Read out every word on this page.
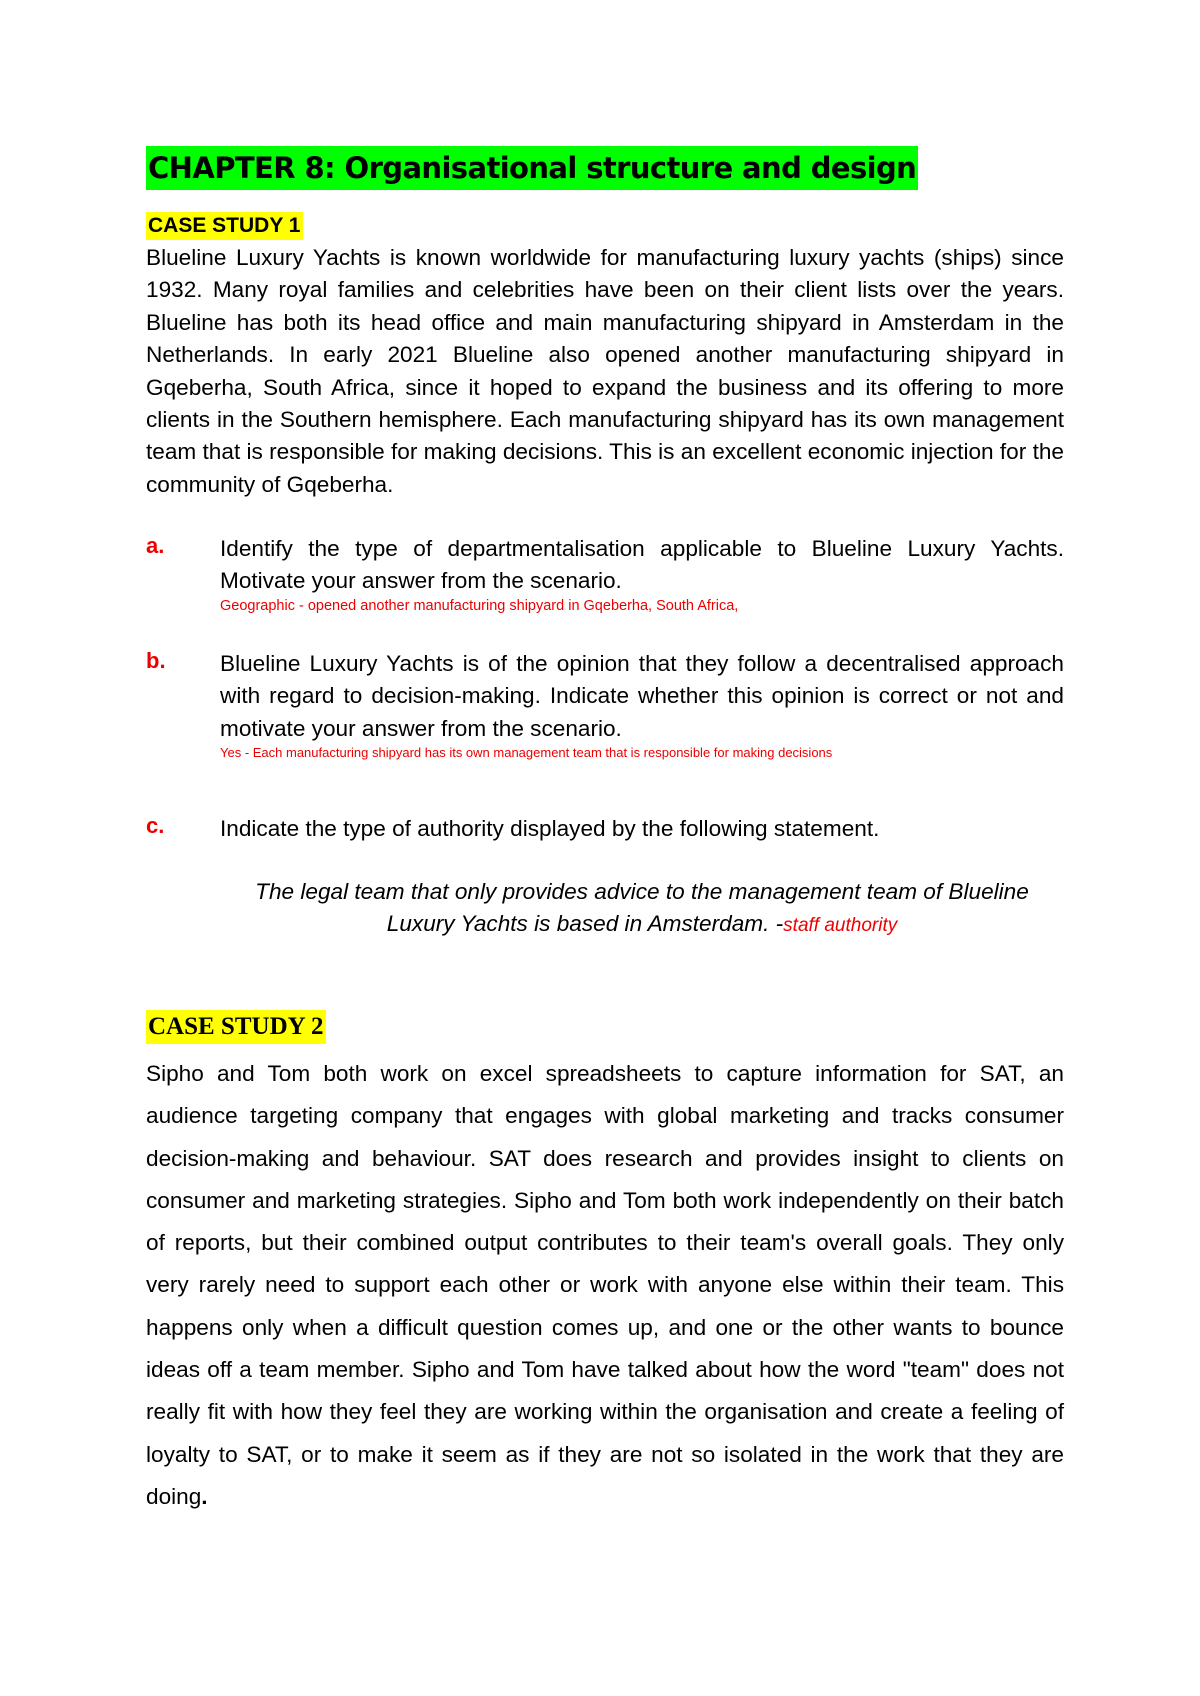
CHAPTER 8: Organisational structure and design
CASE STUDY 1

Blueline Luxury Yachts is known worldwide for manufacturing luxury yachts (ships) since 1932. Many royal families and celebrities have been on their client lists over the years. Blueline has both its head office and main manufacturing shipyard in Amsterdam in the Netherlands. In early 2021 Blueline also opened another manufacturing shipyard in Gqeberha, South Africa, since it hoped to expand the business and its offering to more clients in the Southern hemisphere. Each manufacturing shipyard has its own management team that is responsible for making decisions. This is an excellent economic injection for the community of Gqeberha.

a. Identify the type of departmentalisation applicable to Blueline Luxury Yachts. Motivate your answer from the scenario.

Geographic - opened another manufacturing shipyard in Gqeberha, South Africa,
b. Blueline Luxury Yachts is of the opinion that they follow a decentralised approach with regard to decision-making. Indicate whether this opinion is correct or not and motivate your answer from the scenario.

Yes - Each manufacturing shipyard has its own management team that is responsible for making decisions
c. Indicate the type of authority displayed by the following statement.

The legal team that only provides advice to the management team of Blueline Luxury Yachts is based in Amsterdam. -staff authority

CASE STUDY 2

Sipho and Tom both work on excel spreadsheets to capture information for SAT, an audience targeting company that engages with global marketing and tracks consumer decision-making and behaviour. SAT does research and provides insight to clients on consumer and marketing strategies. Sipho and Tom both work independently on their batch of reports, but their combined output contributes to their team's overall goals. They only very rarely need to support each other or work with anyone else within their team. This happens only when a difficult question comes up, and one or the other wants to bounce ideas off a team member. Sipho and Tom have talked about how the word "team" does not really fit with how they feel they are working within the organisation and create a feeling of loyalty to SAT, or to make it seem as if they are not so isolated in the work that they are doing.
